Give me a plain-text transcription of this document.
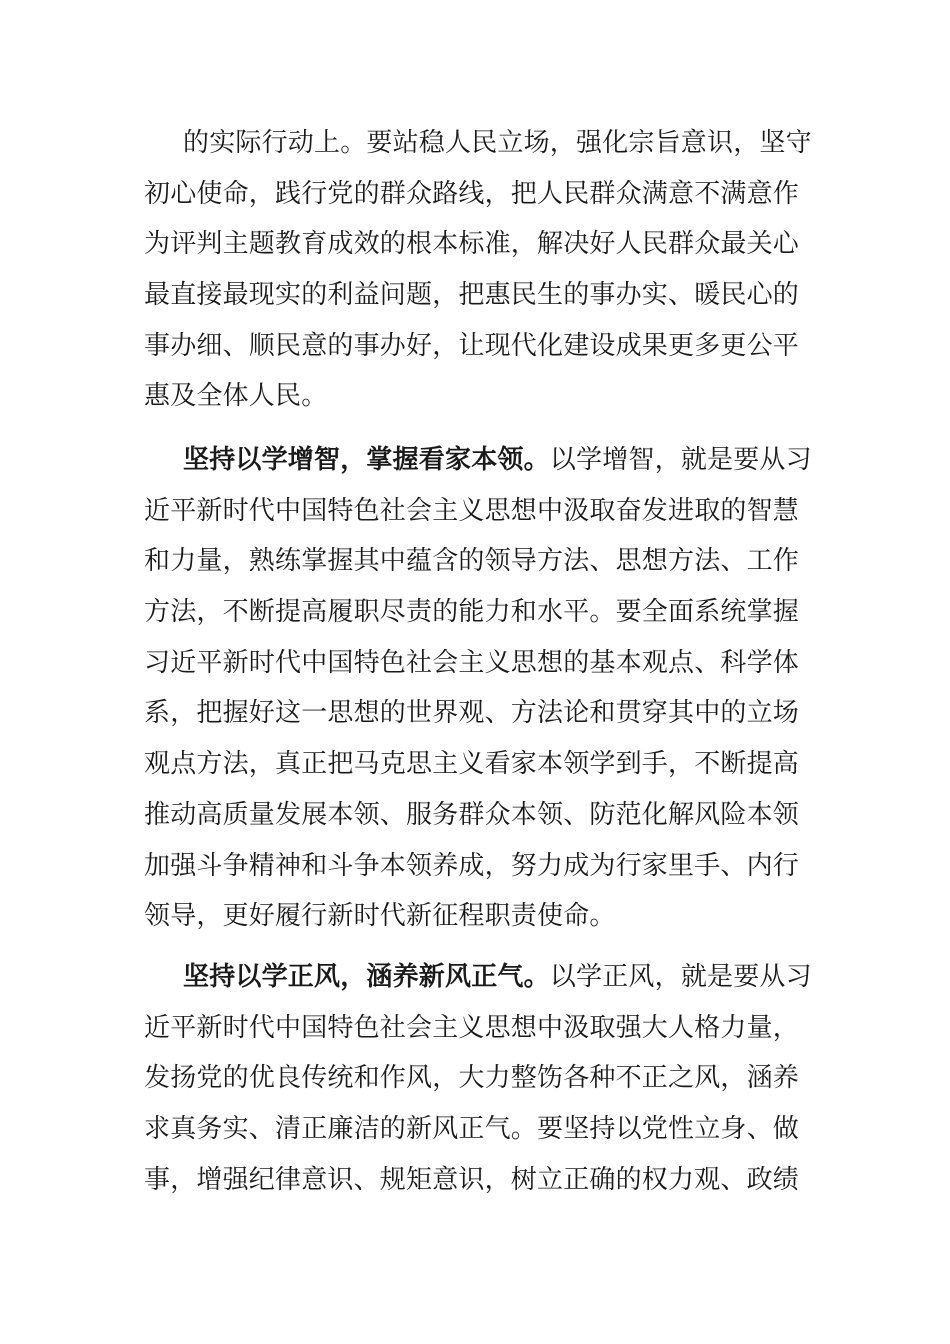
的实际行动上。要站稳人民立场，强化宗旨意识，坚守
初心使命，践行党的群众路线，把人民群众满意不满意作
为评判主题教育成效的根本标准，解决好人民群众最关心
最直接最现实的利益问题，把惠民生的事办实、暖民心的
事办细、顺民意的事办好，让现代化建设成果更多更公平
惠及全体人民。
坚持以学增智，掌握看家本领。以学增智，就是要从习
近平新时代中国特色社会主义思想中汲取奋发进取的智慧
和力量，熟练掌握其中蕴含的领导方法、思想方法、工作
方法，不断提高履职尽责的能力和水平。要全面系统掌握
习近平新时代中国特色社会主义思想的基本观点、科学体
系，把握好这一思想的世界观、方法论和贯穿其中的立场
观点方法，真正把马克思主义看家本领学到手，不断提高
推动高质量发展本领、服务群众本领、防范化解风险本领
加强斗争精神和斗争本领养成，努力成为行家里手、内行
领导，更好履行新时代新征程职责使命。
坚持以学正风，涵养新风正气。以学正风，就是要从习
近平新时代中国特色社会主义思想中汲取强大人格力量，
发扬党的优良传统和作风，大力整饬各种不正之风，涵养
求真务实、清正廉洁的新风正气。要坚持以党性立身、做
事，增强纪律意识、规矩意识，树立正确的权力观、政绩
